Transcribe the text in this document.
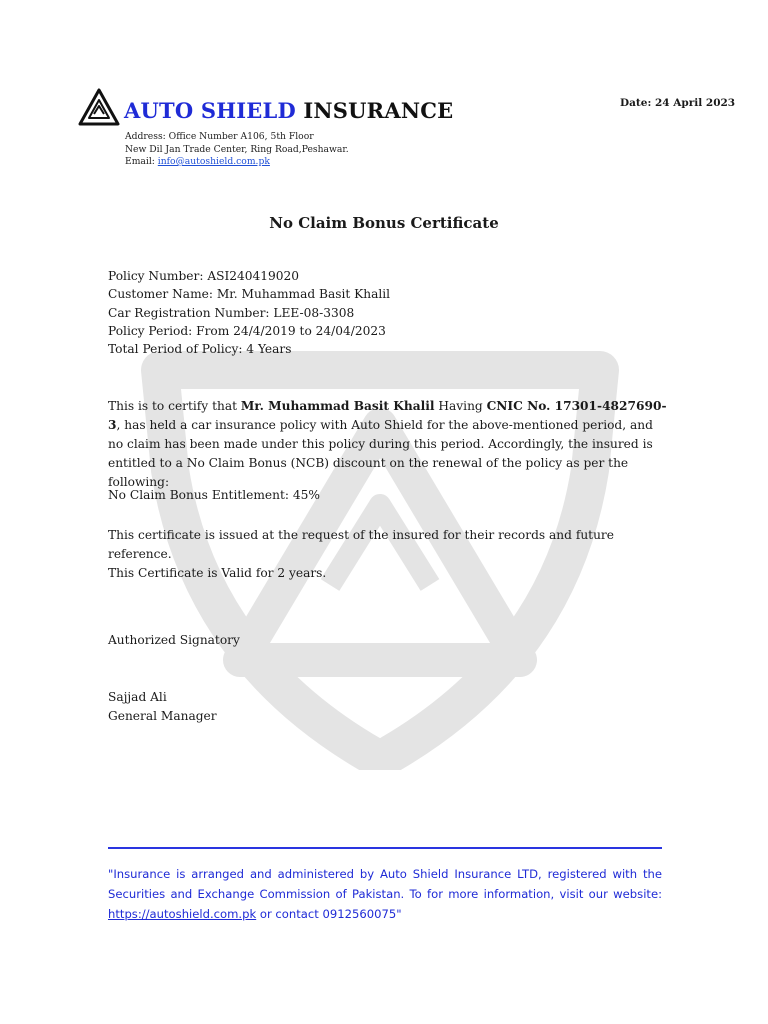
AUTO SHIELD INSURANCE
Address: Office Number A106, 5th Floor
New Dil Jan Trade Center, Ring Road,Peshawar.
Email: info@autoshield.com.pk
Date: 24 April 2023
No Claim Bonus Certificate
Policy Number: ASI240419020
Customer Name: Mr. Muhammad Basit Khalil
Car Registration Number: LEE-08-3308
Policy Period: From 24/4/2019 to 24/04/2023
Total Period of Policy: 4 Years
This is to certify that Mr. Muhammad Basit Khalil Having CNIC No. 17301-4827690-3, has held a car insurance policy with Auto Shield for the above-mentioned period, and no claim has been made under this policy during this period. Accordingly, the insured is entitled to a No Claim Bonus (NCB) discount on the renewal of the policy as per the following:
No Claim Bonus Entitlement: 45%
This certificate is issued at the request of the insured for their records and future reference.
This Certificate is Valid for 2 years.
Authorized Signatory
Sajjad Ali
General Manager
"Insurance is arranged and administered by Auto Shield Insurance LTD, registered with the Securities and Exchange Commission of Pakistan. To for more information, visit our website: https://autoshield.com.pk or contact 0912560075"
